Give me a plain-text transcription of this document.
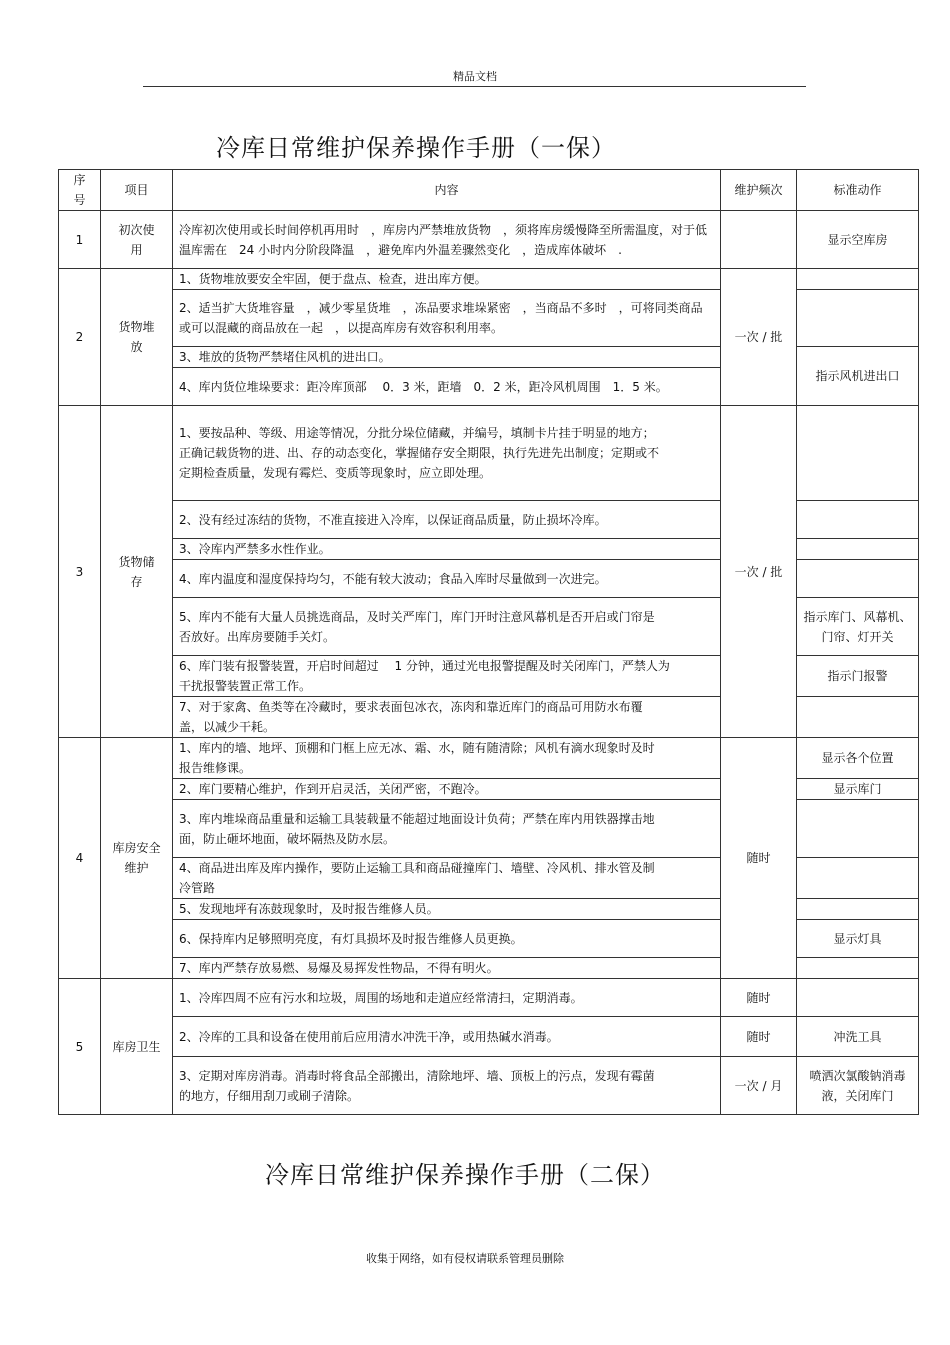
精品文档
冷库日常维护保养操作手册（一保）
序号	项目	内容	维护频次	标准动作
1	初次使用	冷库初次使用或长时间停机再用时　，库房内严禁堆放货物　，须将库房缓慢降至所需温度，对于低温库需在　24 小时内分阶段降温　，避免库内外温差骤然变化　，造成库体破坏　.		显示空库房
2	货物堆放	1、货物堆放要安全牢固，便于盘点、检查，进出库方便。	一次 / 批	
		2、适当扩大货堆容量　，减少零星货堆　，冻品要求堆垛紧密　，当商品不多时　，可将同类商品或可以混藏的商品放在一起　，以提高库房有效容积利用率。		
		3、堆放的货物严禁堵住风机的进出口。		指示风机进出口
		4、库内货位堆垛要求：距冷库顶部　 0．3 米，距墙　0．2 米，距冷风机周围　1．5 米。		
3	货物储存	1、要按品种、等级、用途等情况，分批分垛位储藏，并编号，填制卡片挂于明显的地方；正确记载货物的进、出、存的动态变化，掌握储存安全期限，执行先进先出制度；定期或不定期检查质量，发现有霉烂、变质等现象时，应立即处理。	一次 / 批	
		2、没有经过冻结的货物，不准直接进入冷库，以保证商品质量，防止损坏冷库。		
		3、冷库内严禁多水性作业。		
		4、库内温度和湿度保持均匀，不能有较大波动；食品入库时尽量做到一次进完。		
		5、库内不能有大量人员挑选商品，及时关严库门，库门开时注意风幕机是否开启或门帘是否放好。出库房要随手关灯。		指示库门、风幕机、门帘、灯开关
		6、库门装有报警装置，开启时间超过　 1 分钟，通过光电报警提醒及时关闭库门，严禁人为干扰报警装置正常工作。		指示门报警
		7、对于家禽、鱼类等在冷藏时，要求表面包冰衣，冻肉和靠近库门的商品可用防水布覆盖，以减少干耗。		
4	库房安全维护	1、库内的墙、地坪、顶棚和门框上应无冰、霜、水，随有随清除；风机有滴水现象时及时报告维修课。	随时	显示各个位置
		2、库门要精心维护，作到开启灵活，关闭严密，不跑冷。		显示库门
		3、库内堆垛商品重量和运输工具装载量不能超过地面设计负荷；严禁在库内用铁器撑击地面，防止砸坏地面，破坏隔热及防水层。		
		4、商品进出库及库内操作，要防止运输工具和商品碰撞库门、墙壁、冷风机、排水管及制冷管路		
		5、发现地坪有冻鼓现象时，及时报告维修人员。		
		6、保持库内足够照明亮度，有灯具损坏及时报告维修人员更换。		显示灯具
		7、库内严禁存放易燃、易爆及易挥发性物品，不得有明火。		
5	库房卫生	1、冷库四周不应有污水和垃圾，周围的场地和走道应经常清扫，定期消毒。	随时	
		2、冷库的工具和设备在使用前后应用清水冲洗干净，或用热碱水消毒。	随时	冲洗工具
		3、定期对库房消毒。消毒时将食品全部搬出，清除地坪、墙、顶板上的污点，发现有霉菌的地方，仔细用刮刀或刷子清除。	一次 / 月	喷洒次氯酸钠消毒液，关闭库门
冷库日常维护保养操作手册（二保）
收集于网络，如有侵权请联系管理员删除
